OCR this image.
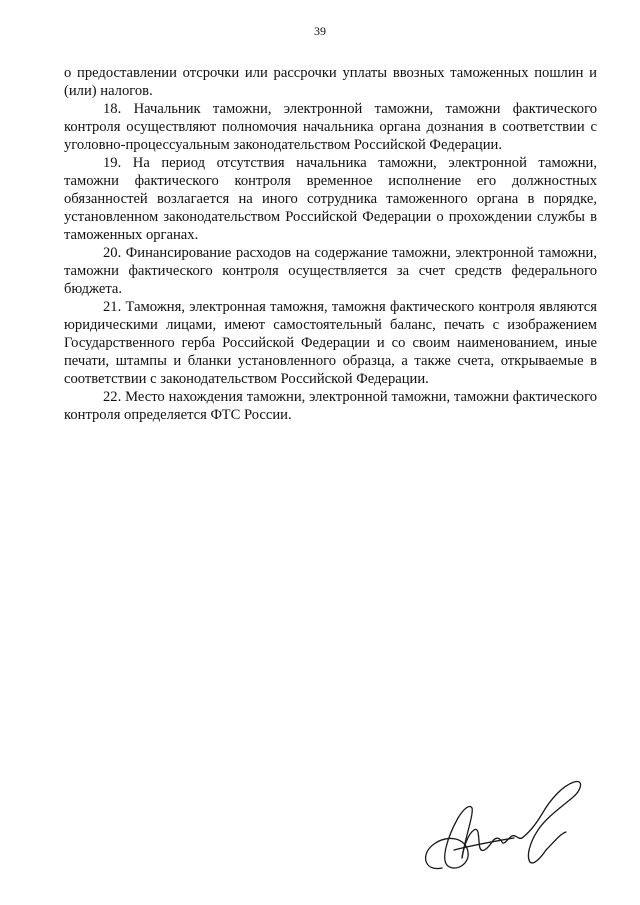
39

о предоставлении отсрочки или рассрочки уплаты ввозных таможенных пошлин и (или) налогов.

18. Начальник таможни, электронной таможни, таможни фактического контроля осуществляют полномочия начальника органа дознания в соответствии с уголовно-процессуальным законодательством Российской Федерации.

19. На период отсутствия начальника таможни, электронной таможни, таможни фактического контроля временное исполнение его должностных обязанностей возлагается на иного сотрудника таможенного органа в порядке, установленном законодательством Российской Федерации о прохождении службы в таможенных органах.

20. Финансирование расходов на содержание таможни, электронной таможни, таможни фактического контроля осуществляется за счет средств федерального бюджета.

21. Таможня, электронная таможня, таможня фактического контроля являются юридическими лицами, имеют самостоятельный баланс, печать с изображением Государственного герба Российской Федерации и со своим наименованием, иные печати, штампы и бланки установленного образца, а также счета, открываемые в соответствии с законодательством Российской Федерации.

22. Место нахождения таможни, электронной таможни, таможни фактического контроля определяется ФТС России.
